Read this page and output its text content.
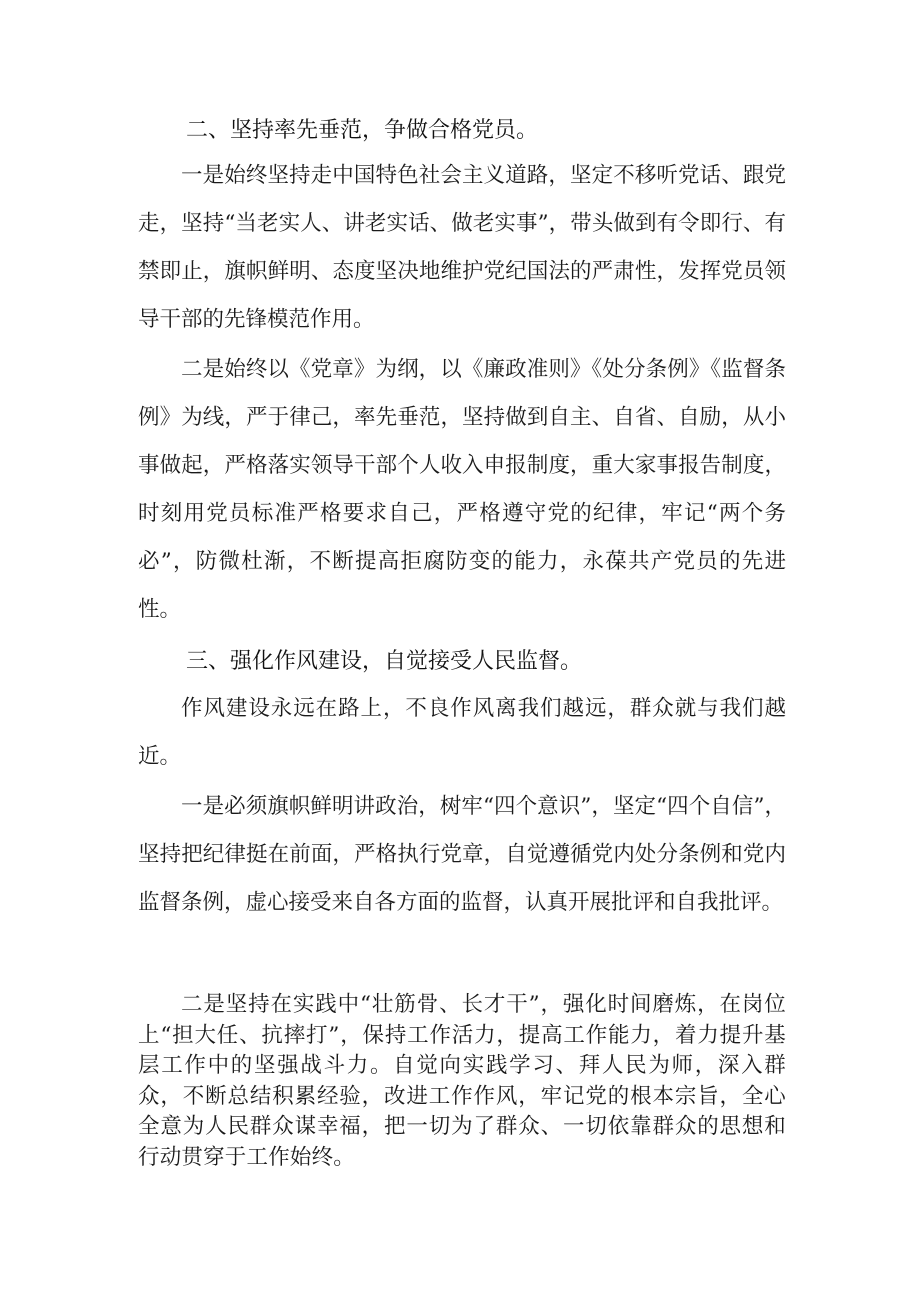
二、坚持率先垂范，争做合格党员。

一是始终坚持走中国特色社会主义道路，坚定不移听党话、跟党走，坚持“当老实人、讲老实话、做老实事”，带头做到有令即行、有禁即止，旗帜鲜明、态度坚决地维护党纪国法的严肃性，发挥党员领导干部的先锋模范作用。

二是始终以《党章》为纲，以《廉政准则》《处分条例》《监督条例》为线，严于律己，率先垂范，坚持做到自主、自省、自励，从小事做起，严格落实领导干部个人收入申报制度，重大家事报告制度，时刻用党员标准严格要求自己，严格遵守党的纪律，牢记“两个务必”，防微杜渐，不断提高拒腐防变的能力，永葆共产党员的先进性。

三、强化作风建设，自觉接受人民监督。

作风建设永远在路上，不良作风离我们越远，群众就与我们越近。

一是必须旗帜鲜明讲政治，树牢“四个意识”，坚定“四个自信”，坚持把纪律挺在前面，严格执行党章，自觉遵循党内处分条例和党内监督条例，虚心接受来自各方面的监督，认真开展批评和自我批评。

二是坚持在实践中“壮筋骨、长才干”，强化时间磨炼，在岗位上“担大任、抗摔打”，保持工作活力，提高工作能力，着力提升基层工作中的坚强战斗力。自觉向实践学习、拜人民为师，深入群众，不断总结积累经验，改进工作作风，牢记党的根本宗旨，全心全意为人民群众谋幸福，把一切为了群众、一切依靠群众的思想和行动贯穿于工作始终。
